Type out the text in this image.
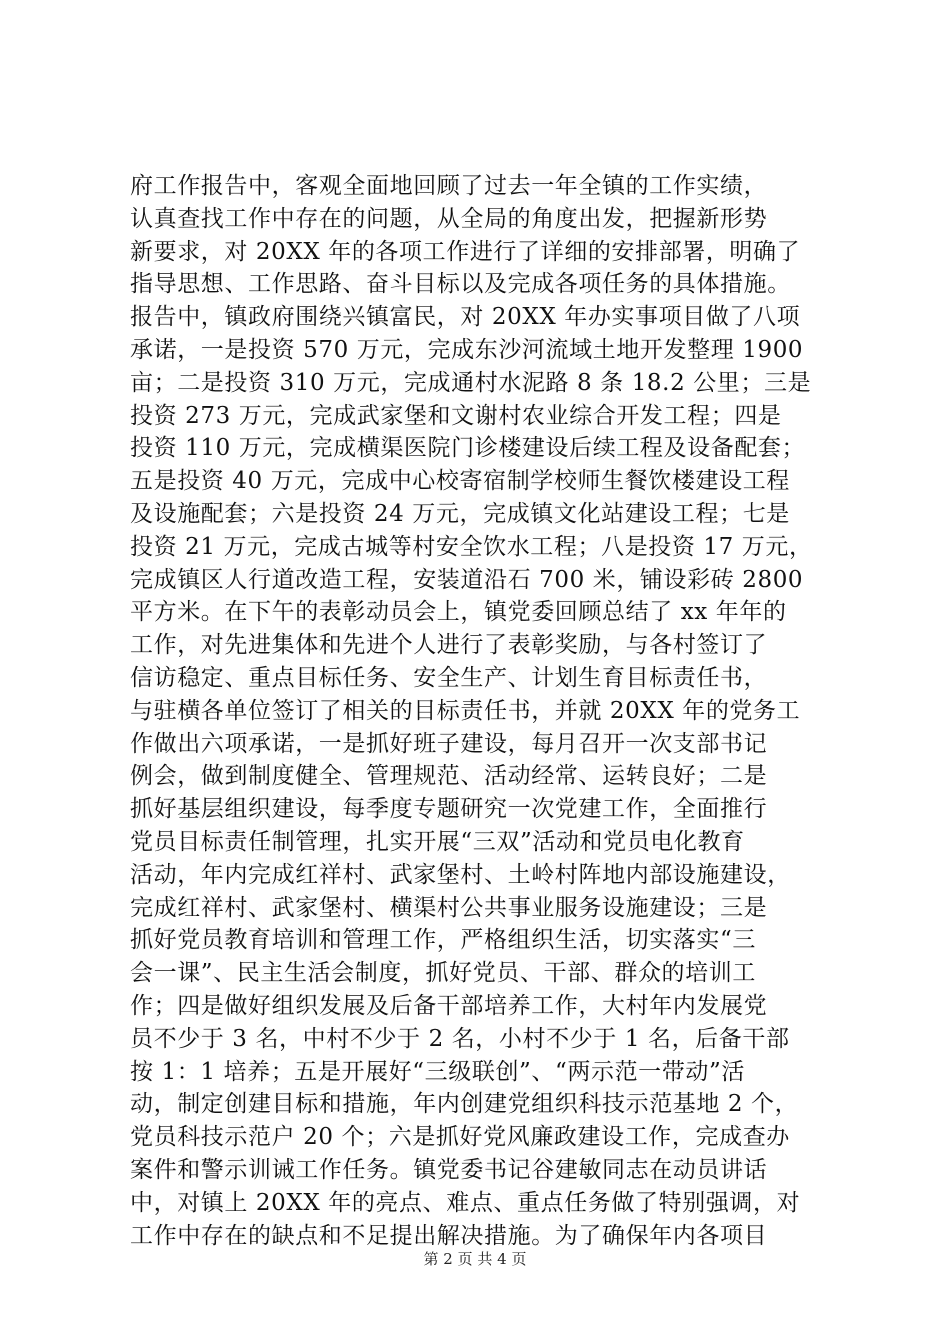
府工作报告中，客观全面地回顾了过去一年全镇的工作实绩，
认真查找工作中存在的问题，从全局的角度出发，把握新形势
新要求，对 20XX 年的各项工作进行了详细的安排部署，明确了
指导思想、工作思路、奋斗目标以及完成各项任务的具体措施。
报告中，镇政府围绕兴镇富民，对 20XX 年办实事项目做了八项
承诺，一是投资 570 万元，完成东沙河流域土地开发整理 1900
亩；二是投资 310 万元，完成通村水泥路 8 条 18.2 公里；三是
投资 273 万元，完成武家堡和文谢村农业综合开发工程；四是
投资 110 万元，完成横渠医院门诊楼建设后续工程及设备配套；
五是投资 40 万元，完成中心校寄宿制学校师生餐饮楼建设工程
及设施配套；六是投资 24 万元，完成镇文化站建设工程；七是
投资 21 万元，完成古城等村安全饮水工程；八是投资 17 万元，
完成镇区人行道改造工程，安装道沿石 700 米，铺设彩砖 2800
平方米。在下午的表彰动员会上，镇党委回顾总结了 xx 年年的
工作，对先进集体和先进个人进行了表彰奖励，与各村签订了
信访稳定、重点目标任务、安全生产、计划生育目标责任书，
与驻横各单位签订了相关的目标责任书，并就 20XX 年的党务工
作做出六项承诺，一是抓好班子建设，每月召开一次支部书记
例会，做到制度健全、管理规范、活动经常、运转良好；二是
抓好基层组织建设，每季度专题研究一次党建工作，全面推行
党员目标责任制管理，扎实开展“三双”活动和党员电化教育
活动，年内完成红祥村、武家堡村、土岭村阵地内部设施建设，
完成红祥村、武家堡村、横渠村公共事业服务设施建设；三是
抓好党员教育培训和管理工作，严格组织生活，切实落实“三
会一课”、民主生活会制度，抓好党员、干部、群众的培训工
作；四是做好组织发展及后备干部培养工作，大村年内发展党
员不少于 3 名，中村不少于 2 名，小村不少于 1 名，后备干部
按 1：1 培养；五是开展好“三级联创”、“两示范一带动”活
动，制定创建目标和措施，年内创建党组织科技示范基地 2 个，
党员科技示范户 20 个；六是抓好党风廉政建设工作，完成查办
案件和警示训诫工作任务。镇党委书记谷建敏同志在动员讲话
中，对镇上 20XX 年的亮点、难点、重点任务做了特别强调，对
工作中存在的缺点和不足提出解决措施。为了确保年内各项目
第 2 页 共 4 页
